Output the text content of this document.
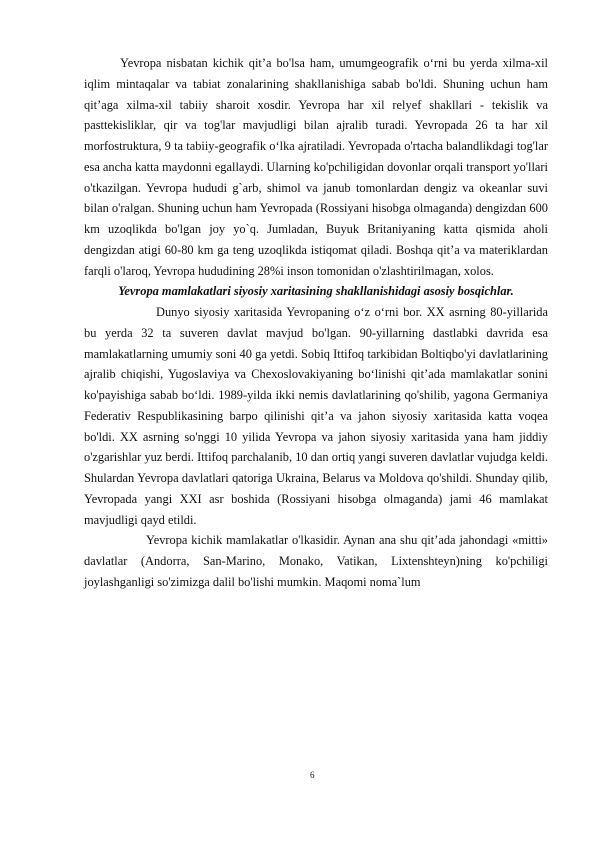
Yevropa nisbatan kichik qit’a bo'lsa ham, umumgeografik o‘rni bu yerda xilma-xil iqlim mintaqalar va tabiat zonalarining shakllanishiga sabab bo'ldi. Shuning uchun ham qit’aga xilma-xil tabiiy sharoit xosdir. Yevropa har xil relyef shakllari - tekislik va pasttekisliklar, qir va tog'lar mavjudligi bilan ajralib turadi. Yevropada 26 ta har xil morfostruktura, 9 ta tabiiy-geografik o‘lka ajratiladi. Yevropada o'rtacha balandlikdagi tog'lar esa ancha katta maydonni egallaydi. Ularning ko'pchiligidan dovonlar orqali transport yo'llari o'tkazilgan. Yevropa hududi g`arb, shimol va janub tomonlardan dengiz va okeanlar suvi bilan o'ralgan. Shuning uchun ham Yevropada (Rossiyani hisobga olmaganda) dengizdan 600 km uzoqlikda bo'lgan joy yo`q. Jumladan, Buyuk Britaniyaning katta qismida aholi dengizdan atigi 60-80 km ga teng uzoqlikda istiqomat qiladi. Boshqa qit’a va materiklardan farqli o'laroq, Yevropa hududining 28%i inson tomonidan o'zlashtirilmagan, xolos.

Yevropa mamlakatlari siyosiy xaritasining shakllanishidagi asosiy bosqichlar.

Dunyo siyosiy xaritasida Yevropaning o‘z o‘rni bor. XX asrning 80-yillarida bu yerda 32 ta suveren davlat mavjud bo'lgan. 90-yillarning dastlabki davrida esa mamlakatlarning umumiy soni 40 ga yetdi. Sobiq Ittifoq tarkibidan Boltiqbo'yi davlatlarining ajralib chiqishi, Yugoslaviya va Chexoslovakiyaning bo‘linishi qit’ada mamlakatlar sonini ko'payishiga sabab bo‘ldi. 1989-yilda ikki nemis davlatlarining qo'shilib, yagona Germaniya Federativ Respublikasining barpo qilinishi qit’a va jahon siyosiy xaritasida katta voqea bo'ldi. XX asrning so'nggi 10 yilida Yevropa va jahon siyosiy xaritasida yana ham jiddiy o'zgarishlar yuz berdi. Ittifoq parchalanib, 10 dan ortiq yangi suveren davlatlar vujudga keldi. Shulardan Yevropa davlatlari qatoriga Ukraina, Belarus va Moldova qo'shildi. Shunday qilib, Yevropada yangi XXI asr boshida (Rossiyani hisobga olmaganda) jami 46 mamlakat mavjudligi qayd etildi.

Yevropa kichik mamlakatlar o'lkasidir. Aynan ana shu qit’ada jahondagi «mitti» davlatlar (Andorra, San-Marino, Monako, Vatikan, Lixtenshteyn)ning ko'pchiligi joylashganligi so'zimizga dalil bo'lishi mumkin. Maqomi noma`lum

6
